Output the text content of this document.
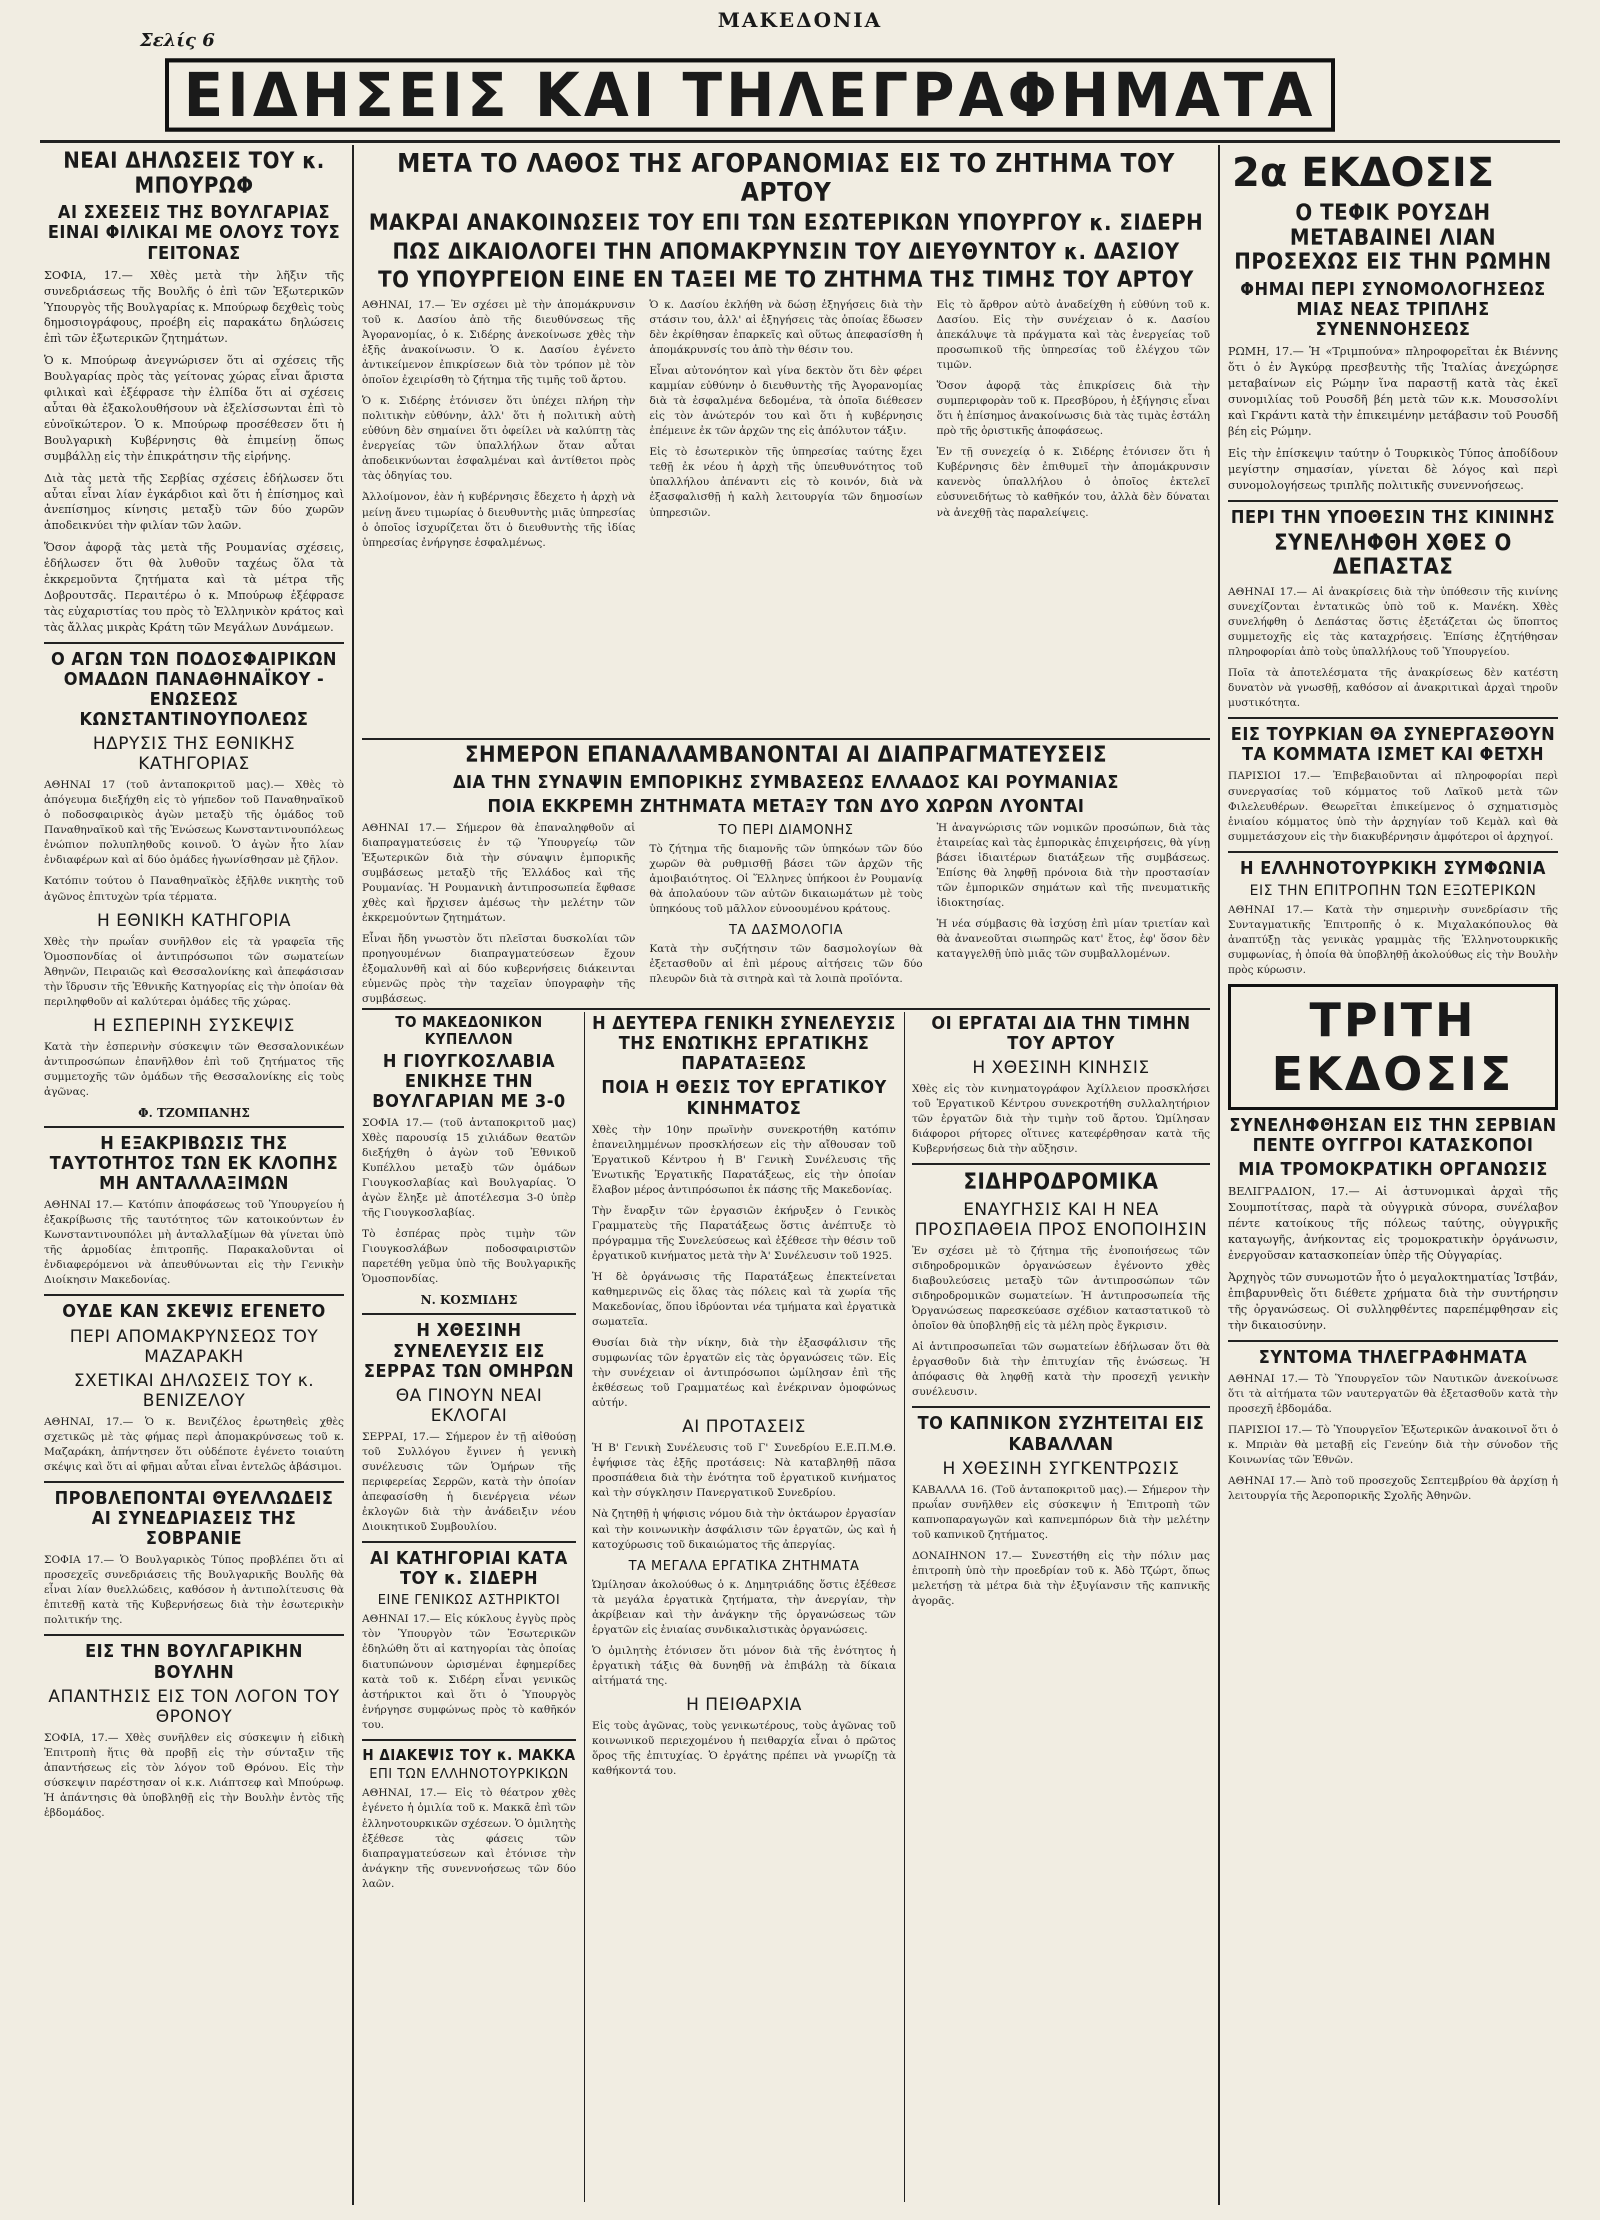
ΜΑΚΕΔΟΝΙΑ
Σελίς 6
ΕΙΔΗΣΕΙΣ ΚΑΙ ΤΗΛΕΓΡΑΦΗΜΑΤΑ
ΝΕΑΙ ΔΗΛΩΣΕΙΣ ΤΟΥ κ. ΜΠΟΥΡΩΦ
ΑΙ ΣΧΕΣΕΙΣ ΤΗΣ ΒΟΥΛΓΑΡΙΑΣ ΕΙΝΑΙ ΦΙΛΙΚΑΙ ΜΕ ΟΛΟΥΣ ΤΟΥΣ ΓΕΙΤΟΝΑΣ

ΣΟΦΙΑ, 17.— Χθὲς μετὰ τὴν λῆξιν τῆς συνεδριάσεως τῆς Βουλῆς ὁ ἐπὶ τῶν Ἐξωτερικῶν Ὑπουργὸς τῆς Βουλγαρίας κ. Μπούρωφ δεχθεὶς τοὺς δημοσιογράφους, προέβη εἰς παρακάτω δηλώσεις ἐπὶ τῶν ἐξωτερικῶν ζητημάτων.

Ὁ κ. Μπούρωφ ἀνεγνώρισεν ὅτι αἱ σχέσεις τῆς Βουλγαρίας πρὸς τὰς γείτονας χώρας εἶναι ἄριστα φιλικαὶ καὶ ἐξέφρασε τὴν ἐλπίδα ὅτι αἱ σχέσεις αὗται θὰ ἐξακολουθήσουν νὰ ἐξελίσσωνται ἐπὶ τὸ εὐνοϊκώτερον. Ὁ κ. Μπούρωφ προσέθεσεν ὅτι ἡ Βουλγαρικὴ Κυβέρνησις θὰ ἐπιμείνῃ ὅπως συμβάλλῃ εἰς τὴν ἐπικράτησιν τῆς εἰρήνης.

Διὰ τὰς μετὰ τῆς Σερβίας σχέσεις ἐδήλωσεν ὅτι αὗται εἶναι λίαν ἐγκάρδιοι καὶ ὅτι ἡ ἐπίσημος καὶ ἀνεπίσημος κίνησις μεταξὺ τῶν δύο χωρῶν ἀποδεικνύει τὴν φιλίαν τῶν λαῶν.

Ὅσον ἀφορᾷ τὰς μετὰ τῆς Ρουμανίας σχέσεις, ἐδήλωσεν ὅτι θὰ λυθοῦν ταχέως ὅλα τὰ ἐκκρεμοῦντα ζητήματα καὶ τὰ μέτρα τῆς Δοβρουτσᾶς. Περαιτέρω ὁ κ. Μπούρωφ ἐξέφρασε τὰς εὐχαριστίας του πρὸς τὸ Ἑλληνικὸν κράτος καὶ τὰς ἄλλας μικρὰς Κράτη τῶν Μεγάλων Δυνάμεων.

Ο ΑΓΩΝ ΤΩΝ ΠΟΔΟΣΦΑΙΡΙΚΩΝ ΟΜΑΔΩΝ ΠΑΝΑΘΗΝΑΪΚΟΥ - ΕΝΩΣΕΩΣ ΚΩΝΣΤΑΝΤΙΝΟΥΠΟΛΕΩΣ
ΗΔΡΥΣΙΣ ΤΗΣ ΕΘΝΙΚΗΣ ΚΑΤΗΓΟΡΙΑΣ

ΑΘΗΝΑΙ 17 (τοῦ ἀνταποκριτοῦ μας).— Χθὲς τὸ ἀπόγευμα διεξήχθη εἰς τὸ γήπεδον τοῦ Παναθηναϊκοῦ ὁ ποδοσφαιρικὸς ἀγὼν μεταξὺ τῆς ὁμάδος τοῦ Παναθηναϊκοῦ καὶ τῆς Ἑνώσεως Κωνσταντινουπόλεως ἐνώπιον πολυπληθοῦς κοινοῦ. Ὁ ἀγὼν ἦτο λίαν ἐνδιαφέρων καὶ αἱ δύο ὁμάδες ἠγωνίσθησαν μὲ ζῆλον.

Κατόπιν τούτου ὁ Παναθηναϊκὸς ἐξῆλθε νικητὴς τοῦ ἀγῶνος ἐπιτυχὼν τρία τέρματα.

Η ΕΘΝΙΚΗ ΚΑΤΗΓΟΡΙΑ

Χθὲς τὴν πρωΐαν συνῆλθον εἰς τὰ γραφεῖα τῆς Ὁμοσπονδίας οἱ ἀντιπρόσωποι τῶν σωματείων Ἀθηνῶν, Πειραιῶς καὶ Θεσσαλονίκης καὶ ἀπεφάσισαν τὴν ἵδρυσιν τῆς Ἐθνικῆς Κατηγορίας εἰς τὴν ὁποίαν θὰ περιληφθοῦν αἱ καλύτεραι ὁμάδες τῆς χώρας.

Η ΕΣΠΕΡΙΝΗ ΣΥΣΚΕΨΙΣ

Κατὰ τὴν ἑσπερινὴν σύσκεψιν τῶν Θεσσαλονικέων ἀντιπροσώπων ἐπανῆλθον ἐπὶ τοῦ ζητήματος τῆς συμμετοχῆς τῶν ὁμάδων τῆς Θεσσαλονίκης εἰς τοὺς ἀγῶνας.

Φ. ΤΖΟΜΠΑΝΗΣ
Η ΕΞΑΚΡΙΒΩΣΙΣ ΤΗΣ ΤΑΥΤΟΤΗΤΟΣ ΤΩΝ ΕΚ ΚΛΟΠΗΣ ΜΗ ΑΝΤΑΛΛΑΞΙΜΩΝ

ΑΘΗΝΑΙ 17.— Κατόπιν ἀποφάσεως τοῦ Ὑπουργείου ἡ ἐξακρίβωσις τῆς ταυτότητος τῶν κατοικούντων ἐν Κωνσταντινουπόλει μὴ ἀνταλλαξίμων θὰ γίνεται ὑπὸ τῆς ἀρμοδίας ἐπιτροπῆς. Παρακαλοῦνται οἱ ἐνδιαφερόμενοι νὰ ἀπευθύνωνται εἰς τὴν Γενικὴν Διοίκησιν Μακεδονίας.

ΟΥΔΕ ΚΑΝ ΣΚΕΨΙΣ ΕΓΕΝΕΤΟ
ΠΕΡΙ ΑΠΟΜΑΚΡΥΝΣΕΩΣ ΤΟΥ ΜΑΖΑΡΑΚΗ
ΣΧΕΤΙΚΑΙ ΔΗΛΩΣΕΙΣ ΤΟΥ κ. ΒΕΝΙΖΕΛΟΥ

ΑΘΗΝΑΙ, 17.— Ὁ κ. Βενιζέλος ἐρωτηθεὶς χθὲς σχετικῶς μὲ τὰς φήμας περὶ ἀπομακρύνσεως τοῦ κ. Μαζαράκη, ἀπήντησεν ὅτι οὐδέποτε ἐγένετο τοιαύτη σκέψις καὶ ὅτι αἱ φῆμαι αὗται εἶναι ἐντελῶς ἀβάσιμοι.

ΠΡΟΒΛΕΠΟΝΤΑΙ ΘΥΕΛΛΩΔΕΙΣ ΑΙ ΣΥΝΕΔΡΙΑΣΕΙΣ ΤΗΣ ΣΟΒΡΑΝΙΕ

ΣΟΦΙΑ 17.— Ὁ Βουλγαρικὸς Τύπος προβλέπει ὅτι αἱ προσεχεῖς συνεδριάσεις τῆς Βουλγαρικῆς Βουλῆς θὰ εἶναι λίαν θυελλώδεις, καθόσον ἡ ἀντιπολίτευσις θὰ ἐπιτεθῇ κατὰ τῆς Κυβερνήσεως διὰ τὴν ἐσωτερικὴν πολιτικήν της.

ΕΙΣ ΤΗΝ ΒΟΥΛΓΑΡΙΚΗΝ ΒΟΥΛΗΝ
ΑΠΑΝΤΗΣΙΣ ΕΙΣ ΤΟΝ ΛΟΓΟΝ ΤΟΥ ΘΡΟΝΟΥ

ΣΟΦΙΑ, 17.— Χθὲς συνῆλθεν εἰς σύσκεψιν ἡ εἰδικὴ Ἐπιτροπὴ ἥτις θὰ προβῇ εἰς τὴν σύνταξιν τῆς ἀπαντήσεως εἰς τὸν λόγον τοῦ Θρόνου. Εἰς τὴν σύσκεψιν παρέστησαν οἱ κ.κ. Λιάπτσεφ καὶ Μπούρωφ. Ἡ ἀπάντησις θὰ ὑποβληθῇ εἰς τὴν Βουλὴν ἐντὸς τῆς ἑβδομάδος.

ΜΕΤΑ ΤΟ ΛΑΘΟΣ ΤΗΣ ΑΓΟΡΑΝΟΜΙΑΣ ΕΙΣ ΤΟ ΖΗΤΗΜΑ ΤΟΥ ΑΡΤΟΥ
ΜΑΚΡΑΙ ΑΝΑΚΟΙΝΩΣΕΙΣ ΤΟΥ ΕΠΙ ΤΩΝ ΕΣΩΤΕΡΙΚΩΝ ΥΠΟΥΡΓΟΥ κ. ΣΙΔΕΡΗ
ΠΩΣ ΔΙΚΑΙΟΛΟΓΕΙ ΤΗΝ ΑΠΟΜΑΚΡΥΝΣΙΝ ΤΟΥ ΔΙΕΥΘΥΝΤΟΥ κ. ΔΑΣΙΟΥ
ΤΟ ΥΠΟΥΡΓΕΙΟΝ ΕΙΝΕ ΕΝ ΤΑΞΕΙ ΜΕ ΤΟ ΖΗΤΗΜΑ ΤΗΣ ΤΙΜΗΣ ΤΟΥ ΑΡΤΟΥ

ΑΘΗΝΑΙ, 17.— Ἐν σχέσει μὲ τὴν ἀπομάκρυνσιν τοῦ κ. Δασίου ἀπὸ τῆς διευθύνσεως τῆς Ἀγορανομίας, ὁ κ. Σιδέρης ἀνεκοίνωσε χθὲς τὴν ἑξῆς ἀνακοίνωσιν. Ὁ κ. Δασίου ἐγένετο ἀντικείμενον ἐπικρίσεων διὰ τὸν τρόπον μὲ τὸν ὁποῖον ἐχειρίσθη τὸ ζήτημα τῆς τιμῆς τοῦ ἄρτου.

Ὁ κ. Σιδέρης ἐτόνισεν ὅτι ὑπέχει πλήρη τὴν πολιτικὴν εὐθύνην, ἀλλ' ὅτι ἡ πολιτικὴ αὐτὴ εὐθύνη δὲν σημαίνει ὅτι ὀφείλει νὰ καλύπτῃ τὰς ἐνεργείας τῶν ὑπαλλήλων ὅταν αὗται ἀποδεικνύωνται ἐσφαλμέναι καὶ ἀντίθετοι πρὸς τὰς ὁδηγίας του.

Ἀλλοίμονον, ἐὰν ἡ κυβέρνησις ἔδεχετο ἡ ἀρχὴ νὰ μείνῃ ἄνευ τιμωρίας ὁ διευθυντὴς μιᾶς ὑπηρεσίας ὁ ὁποῖος ἰσχυρίζεται ὅτι ὁ διευθυντὴς τῆς ἰδίας ὑπηρεσίας ἐνήργησε ἐσφαλμένως.

Ὁ κ. Δασίου ἐκλήθη νὰ δώσῃ ἐξηγήσεις διὰ τὴν στάσιν του, ἀλλ' αἱ ἐξηγήσεις τὰς ὁποίας ἔδωσεν δὲν ἐκρίθησαν ἐπαρκεῖς καὶ οὕτως ἀπεφασίσθη ἡ ἀπομάκρυνσίς του ἀπὸ τὴν θέσιν του.

Εἶναι αὐτονόητον καὶ γίνα δεκτὸν ὅτι δὲν φέρει καμμίαν εὐθύνην ὁ διευθυντὴς τῆς Ἀγορανομίας διὰ τὰ ἐσφαλμένα δεδομένα, τὰ ὁποῖα διέθεσεν εἰς τὸν ἀνώτερόν του καὶ ὅτι ἡ κυβέρνησις ἐπέμεινε ἐκ τῶν ἀρχῶν της εἰς ἀπόλυτον τάξιν.

Εἰς τὸ ἐσωτερικὸν τῆς ὑπηρεσίας ταύτης ἔχει τεθῇ ἐκ νέου ἡ ἀρχὴ τῆς ὑπευθυνότητος τοῦ ὑπαλλήλου ἀπέναντι εἰς τὸ κοινόν, διὰ νὰ ἐξασφαλισθῇ ἡ καλὴ λειτουργία τῶν δημοσίων ὑπηρεσιῶν.

Εἰς τὸ ἄρθρον αὐτὸ ἀναδείχθη ἡ εὐθύνη τοῦ κ. Δασίου. Εἰς τὴν συνέχειαν ὁ κ. Δασίου ἀπεκάλυψε τὰ πράγματα καὶ τὰς ἐνεργείας τοῦ προσωπικοῦ τῆς ὑπηρεσίας τοῦ ἐλέγχου τῶν τιμῶν.

Ὅσον ἀφορᾷ τὰς ἐπικρίσεις διὰ τὴν συμπεριφορὰν τοῦ κ. Πρεσβύρου, ἡ ἐξήγησις εἶναι ὅτι ἡ ἐπίσημος ἀνακοίνωσις διὰ τὰς τιμὰς ἐστάλη πρὸ τῆς ὁριστικῆς ἀποφάσεως.

Ἐν τῇ συνεχείᾳ ὁ κ. Σιδέρης ἐτόνισεν ὅτι ἡ Κυβέρνησις δὲν ἐπιθυμεῖ τὴν ἀπομάκρυνσιν κανενὸς ὑπαλλήλου ὁ ὁποῖος ἐκτελεῖ εὐσυνειδήτως τὸ καθῆκόν του, ἀλλὰ δὲν δύναται νὰ ἀνεχθῇ τὰς παραλείψεις.

ΣΗΜΕΡΟΝ ΕΠΑΝΑΛΑΜΒΑΝΟΝΤΑΙ ΑΙ ΔΙΑΠΡΑΓΜΑΤΕΥΣΕΙΣ
ΔΙΑ ΤΗΝ ΣΥΝΑΨΙΝ ΕΜΠΟΡΙΚΗΣ ΣΥΜΒΑΣΕΩΣ ΕΛΛΑΔΟΣ ΚΑΙ ΡΟΥΜΑΝΙΑΣ
ΠΟΙΑ ΕΚΚΡΕΜΗ ΖΗΤΗΜΑΤΑ ΜΕΤΑΞΥ ΤΩΝ ΔΥΟ ΧΩΡΩΝ ΛΥΟΝΤΑΙ

ΑΘΗΝΑΙ 17.— Σήμερον θὰ ἐπαναληφθοῦν αἱ διαπραγματεύσεις ἐν τῷ Ὑπουργείῳ τῶν Ἐξωτερικῶν διὰ τὴν σύναψιν ἐμπορικῆς συμβάσεως μεταξὺ τῆς Ἑλλάδος καὶ τῆς Ρουμανίας. Ἡ Ρουμανικὴ ἀντιπροσωπεία ἔφθασε χθὲς καὶ ἤρχισεν ἀμέσως τὴν μελέτην τῶν ἐκκρεμούντων ζητημάτων.

Εἶναι ἤδη γνωστὸν ὅτι πλεῖσται δυσκολίαι τῶν προηγουμένων διαπραγματεύσεων ἔχουν ἐξομαλυνθῆ καὶ αἱ δύο κυβερνήσεις διάκεινται εὐμενῶς πρὸς τὴν ταχεῖαν ὑπογραφὴν τῆς συμβάσεως.

ΤΟ ΠΕΡΙ ΔΙΑΜΟΝΗΣ

Τὸ ζήτημα τῆς διαμονῆς τῶν ὑπηκόων τῶν δύο χωρῶν θὰ ρυθμισθῇ βάσει τῶν ἀρχῶν τῆς ἀμοιβαιότητος. Οἱ Ἕλληνες ὑπήκοοι ἐν Ρουμανίᾳ θὰ ἀπολαύουν τῶν αὐτῶν δικαιωμάτων μὲ τοὺς ὑπηκόους τοῦ μᾶλλον εὐνοουμένου κράτους.

ΤΑ ΔΑΣΜΟΛΟΓΙΑ

Κατὰ τὴν συζήτησιν τῶν δασμολογίων θὰ ἐξετασθοῦν αἱ ἐπὶ μέρους αἰτήσεις τῶν δύο πλευρῶν διὰ τὰ σιτηρὰ καὶ τὰ λοιπὰ προϊόντα.

Ἡ ἀναγνώρισις τῶν νομικῶν προσώπων, διὰ τὰς ἑταιρείας καὶ τὰς ἐμπορικὰς ἐπιχειρήσεις, θὰ γίνῃ βάσει ἰδιαιτέρων διατάξεων τῆς συμβάσεως. Ἐπίσης θὰ ληφθῇ πρόνοια διὰ τὴν προστασίαν τῶν ἐμπορικῶν σημάτων καὶ τῆς πνευματικῆς ἰδιοκτησίας.

Ἡ νέα σύμβασις θὰ ἰσχύσῃ ἐπὶ μίαν τριετίαν καὶ θὰ ἀνανεοῦται σιωπηρῶς κατ' ἔτος, ἐφ' ὅσον δὲν καταγγελθῇ ὑπὸ μιᾶς τῶν συμβαλλομένων.

ΤΟ ΜΑΚΕΔΟΝΙΚΟΝ ΚΥΠΕΛΛΟΝ
Η ΓΙΟΥΓΚΟΣΛΑΒΙΑ ΕΝΙΚΗΣΕ ΤΗΝ ΒΟΥΛΓΑΡΙΑΝ ΜΕ 3-0

ΣΟΦΙΑ 17.— (τοῦ ἀνταποκριτοῦ μας) Χθὲς παρουσίᾳ 15 χιλιάδων θεατῶν διεξήχθη ὁ ἀγὼν τοῦ Ἐθνικοῦ Κυπέλλου μεταξὺ τῶν ὁμάδων Γιουγκοσλαβίας καὶ Βουλγαρίας. Ὁ ἀγὼν ἔληξε μὲ ἀποτέλεσμα 3-0 ὑπὲρ τῆς Γιουγκοσλαβίας.

Τὸ ἐσπέρας πρὸς τιμὴν τῶν Γιουγκοσλάβων ποδοσφαιριστῶν παρετέθη γεῦμα ὑπὸ τῆς Βουλγαρικῆς Ὁμοσπονδίας.

Ν. ΚΟΣΜΙΔΗΣ
Η ΧΘΕΣΙΝΗ ΣΥΝΕΛΕΥΣΙΣ ΕΙΣ ΣΕΡΡΑΣ ΤΩΝ ΟΜΗΡΩΝ
ΘΑ ΓΙΝΟΥΝ ΝΕΑΙ ΕΚΛΟΓΑΙ

ΣΕΡΡΑΙ, 17.— Σήμερον ἐν τῇ αἰθούσῃ τοῦ Συλλόγου ἔγινεν ἡ γενικὴ συνέλευσις τῶν Ὁμήρων τῆς περιφερείας Σερρῶν, κατὰ τὴν ὁποίαν ἀπεφασίσθη ἡ διενέργεια νέων ἐκλογῶν διὰ τὴν ἀνάδειξιν νέου Διοικητικοῦ Συμβουλίου.

ΑΙ ΚΑΤΗΓΟΡΙΑΙ ΚΑΤΑ ΤΟΥ κ. ΣΙΔΕΡΗ
ΕΙΝΕ ΓΕΝΙΚΩΣ ΑΣΤΗΡΙΚΤΟΙ

ΑΘΗΝΑΙ 17.— Εἰς κύκλους ἐγγὺς πρὸς τὸν Ὑπουργὸν τῶν Ἐσωτερικῶν ἐδηλώθη ὅτι αἱ κατηγορίαι τὰς ὁποίας διατυπώνουν ὡρισμέναι ἐφημερίδες κατὰ τοῦ κ. Σιδέρη εἶναι γενικῶς ἀστήρικτοι καὶ ὅτι ὁ Ὑπουργὸς ἐνήργησε συμφώνως πρὸς τὸ καθῆκόν του.

Η ΔΙΑΚΕΨΙΣ ΤΟΥ κ. ΜΑΚΚΑ
ΕΠΙ ΤΩΝ ΕΛΛΗΝΟΤΟΥΡΚΙΚΩΝ

ΑΘΗΝΑΙ, 17.— Εἰς τὸ θέατρον χθὲς ἐγένετο ἡ ὁμιλία τοῦ κ. Μακκᾶ ἐπὶ τῶν ἑλληνοτουρκικῶν σχέσεων. Ὁ ὁμιλητὴς ἐξέθεσε τὰς φάσεις τῶν διαπραγματεύσεων καὶ ἐτόνισε τὴν ἀνάγκην τῆς συνεννοήσεως τῶν δύο λαῶν.

Η ΔΕΥΤΕΡΑ ΓΕΝΙΚΗ ΣΥΝΕΛΕΥΣΙΣ ΤΗΣ ΕΝΩΤΙΚΗΣ ΕΡΓΑΤΙΚΗΣ ΠΑΡΑΤΑΞΕΩΣ
ΠΟΙΑ Η ΘΕΣΙΣ ΤΟΥ ΕΡΓΑΤΙΚΟΥ ΚΙΝΗΜΑΤΟΣ

Χθὲς τὴν 10ην πρωϊνὴν συνεκροτήθη κατόπιν ἐπανειλημμένων προσκλήσεων εἰς τὴν αἴθουσαν τοῦ Ἐργατικοῦ Κέντρου ἡ Β' Γενικὴ Συνέλευσις τῆς Ἑνωτικῆς Ἐργατικῆς Παρατάξεως, εἰς τὴν ὁποίαν ἔλαβον μέρος ἀντιπρόσωποι ἐκ πάσης τῆς Μακεδονίας.

Τὴν ἔναρξιν τῶν ἐργασιῶν ἐκήρυξεν ὁ Γενικὸς Γραμματεὺς τῆς Παρατάξεως ὅστις ἀνέπτυξε τὸ πρόγραμμα τῆς Συνελεύσεως καὶ ἐξέθεσε τὴν θέσιν τοῦ ἐργατικοῦ κινήματος μετὰ τὴν Ἀ' Συνέλευσιν τοῦ 1925.

Ἡ δὲ ὀργάνωσις τῆς Παρατάξεως ἐπεκτείνεται καθημερινῶς εἰς ὅλας τὰς πόλεις καὶ τὰ χωρία τῆς Μακεδονίας, ὅπου ἱδρύονται νέα τμήματα καὶ ἐργατικὰ σωματεῖα.

Θυσίαι διὰ τὴν νίκην, διὰ τὴν ἐξασφάλισιν τῆς συμφωνίας τῶν ἐργατῶν εἰς τὰς ὀργανώσεις τῶν. Εἰς τὴν συνέχειαν οἱ ἀντιπρόσωποι ὡμίλησαν ἐπὶ τῆς ἐκθέσεως τοῦ Γραμματέως καὶ ἐνέκριναν ὁμοφώνως αὐτήν.

ΑΙ ΠΡΟΤΑΣΕΙΣ

Ἡ Β' Γενικὴ Συνέλευσις τοῦ Γ' Συνεδρίου Ε.Ε.Π.Μ.Θ. ἐψήφισε τὰς ἑξῆς προτάσεις: Νὰ καταβληθῇ πᾶσα προσπάθεια διὰ τὴν ἑνότητα τοῦ ἐργατικοῦ κινήματος καὶ τὴν σύγκλησιν Πανεργατικοῦ Συνεδρίου.

Νὰ ζητηθῇ ἡ ψήφισις νόμου διὰ τὴν ὀκτάωρον ἐργασίαν καὶ τὴν κοινωνικὴν ἀσφάλισιν τῶν ἐργατῶν, ὡς καὶ ἡ κατοχύρωσις τοῦ δικαιώματος τῆς ἀπεργίας.

ΤΑ ΜΕΓΑΛΑ ΕΡΓΑΤΙΚΑ ΖΗΤΗΜΑΤΑ

Ὡμίλησαν ἀκολούθως ὁ κ. Δημητριάδης ὅστις ἐξέθεσε τὰ μεγάλα ἐργατικὰ ζητήματα, τὴν ἀνεργίαν, τὴν ἀκρίβειαν καὶ τὴν ἀνάγκην τῆς ὀργανώσεως τῶν ἐργατῶν εἰς ἐνιαίας συνδικαλιστικὰς ὀργανώσεις.

Ὁ ὁμιλητὴς ἐτόνισεν ὅτι μόνον διὰ τῆς ἑνότητος ἡ ἐργατικὴ τάξις θὰ δυνηθῇ νὰ ἐπιβάλῃ τὰ δίκαια αἰτήματά της.

Η ΠΕΙΘΑΡΧΙΑ

Εἰς τοὺς ἀγῶνας, τοὺς γενικωτέρους, τοὺς ἀγῶνας τοῦ κοινωνικοῦ περιεχομένου ἡ πειθαρχία εἶναι ὁ πρῶτος ὅρος τῆς ἐπιτυχίας. Ὁ ἐργάτης πρέπει νὰ γνωρίζῃ τὰ καθήκοντά του.

ΟΙ ΕΡΓΑΤΑΙ ΔΙΑ ΤΗΝ ΤΙΜΗΝ ΤΟΥ ΑΡΤΟΥ
Η ΧΘΕΣΙΝΗ ΚΙΝΗΣΙΣ

Χθὲς εἰς τὸν κινηματογράφον Ἀχίλλειον προσκλήσει τοῦ Ἐργατικοῦ Κέντρου συνεκροτήθη συλλαλητήριον τῶν ἐργατῶν διὰ τὴν τιμὴν τοῦ ἄρτου. Ὡμίλησαν διάφοροι ρήτορες οἵτινες κατεφέρθησαν κατὰ τῆς Κυβερνήσεως διὰ τὴν αὔξησιν.

ΣΙΔΗΡΟΔΡΟΜΙΚΑ
ΕΝΑΥΓΗΣΙΣ ΚΑΙ Η ΝΕΑ ΠΡΟΣΠΑΘΕΙΑ ΠΡΟΣ ΕΝΟΠΟΙΗΣΙΝ

Ἐν σχέσει μὲ τὸ ζήτημα τῆς ἑνοποιήσεως τῶν σιδηροδρομικῶν ὀργανώσεων ἐγένοντο χθὲς διαβουλεύσεις μεταξὺ τῶν ἀντιπροσώπων τῶν σιδηροδρομικῶν σωματείων. Ἡ ἀντιπροσωπεία τῆς Ὀργανώσεως παρεσκεύασε σχέδιον καταστατικοῦ τὸ ὁποῖον θὰ ὑποβληθῇ εἰς τὰ μέλη πρὸς ἔγκρισιν.

Αἱ ἀντιπροσωπεῖαι τῶν σωματείων ἐδήλωσαν ὅτι θὰ ἐργασθοῦν διὰ τὴν ἐπιτυχίαν τῆς ἑνώσεως. Ἡ ἀπόφασις θὰ ληφθῇ κατὰ τὴν προσεχῆ γενικὴν συνέλευσιν.

ΤΟ ΚΑΠΝΙΚΟΝ ΣΥΖΗΤΕΙΤΑΙ ΕΙΣ ΚΑΒΑΛΛΑΝ
Η ΧΘΕΣΙΝΗ ΣΥΓΚΕΝΤΡΩΣΙΣ

ΚΑΒΑΛΛΑ 16. (Τοῦ ἀνταποκριτοῦ μας).— Σήμερον τὴν πρωΐαν συνῆλθεν εἰς σύσκεψιν ἡ Ἐπιτροπὴ τῶν καπνοπαραγωγῶν καὶ καπνεμπόρων διὰ τὴν μελέτην τοῦ καπνικοῦ ζητήματος.

ΔΟΝΑΙΗΝΟΝ 17.— Συνεστήθη εἰς τὴν πόλιν μας ἐπιτροπὴ ὑπὸ τὴν προεδρίαν τοῦ κ. Ἀδὸ Τζώρτ, ὅπως μελετήσῃ τὰ μέτρα διὰ τὴν ἐξυγίανσιν τῆς καπνικῆς ἀγορᾶς.

2α ΕΚΔΟΣΙΣ
Ο ΤΕΦΙΚ ΡΟΥΣΔΗ ΜΕΤΑΒΑΙΝΕΙ ΛΙΑΝ ΠΡΟΣΕΧΩΣ ΕΙΣ ΤΗΝ ΡΩΜΗΝ
ΦΗΜΑΙ ΠΕΡΙ ΣΥΝΟΜΟΛΟΓΗΣΕΩΣ ΜΙΑΣ ΝΕΑΣ ΤΡΙΠΛΗΣ ΣΥΝΕΝΝΟΗΣΕΩΣ

ΡΩΜΗ, 17.— Ἡ «Τριμπούνα» πληροφορεῖται ἐκ Βιέννης ὅτι ὁ ἐν Ἀγκύρᾳ πρεσβευτὴς τῆς Ἰταλίας ἀνεχώρησε μεταβαίνων εἰς Ρώμην ἵνα παραστῇ κατὰ τὰς ἐκεῖ συνομιλίας τοῦ Ρουσδῆ βέη μετὰ τῶν κ.κ. Μουσσολίνι καὶ Γκράντι κατὰ τὴν ἐπικειμένην μετάβασιν τοῦ Ρουσδῆ βέη εἰς Ρώμην.

Εἰς τὴν ἐπίσκεψιν ταύτην ὁ Τουρκικὸς Τύπος ἀποδίδουν μεγίστην σημασίαν, γίνεται δὲ λόγος καὶ περὶ συνομολογήσεως τριπλῆς πολιτικῆς συνεννοήσεως.

ΠΕΡΙ ΤΗΝ ΥΠΟΘΕΣΙΝ ΤΗΣ ΚΙΝΙΝΗΣ
ΣΥΝΕΛΗΦΘΗ ΧΘΕΣ Ο ΔΕΠΑΣΤΑΣ

ΑΘΗΝΑΙ 17.— Αἱ ἀνακρίσεις διὰ τὴν ὑπόθεσιν τῆς κινίνης συνεχίζονται ἐντατικῶς ὑπὸ τοῦ κ. Μανέκη. Χθὲς συνελήφθη ὁ Δεπάστας ὅστις ἐξετάζεται ὡς ὕποπτος συμμετοχῆς εἰς τὰς καταχρήσεις. Ἐπίσης ἐζητήθησαν πληροφορίαι ἀπὸ τοὺς ὑπαλλήλους τοῦ Ὑπουργείου.

Ποῖα τὰ ἀποτελέσματα τῆς ἀνακρίσεως δὲν κατέστη δυνατὸν νὰ γνωσθῇ, καθόσον αἱ ἀνακριτικαὶ ἀρχαὶ τηροῦν μυστικότητα.

ΕΙΣ ΤΟΥΡΚΙΑΝ ΘΑ ΣΥΝΕΡΓΑΣΘΟΥΝ ΤΑ ΚΟΜΜΑΤΑ ΙΣΜΕΤ ΚΑΙ ΦΕΤΧΗ

ΠΑΡΙΣΙΟΙ 17.— Ἐπιβεβαιοῦνται αἱ πληροφορίαι περὶ συνεργασίας τοῦ κόμματος τοῦ Λαϊκοῦ μετὰ τῶν Φιλελευθέρων. Θεωρεῖται ἐπικείμενος ὁ σχηματισμὸς ἑνιαίου κόμματος ὑπὸ τὴν ἀρχηγίαν τοῦ Κεμὰλ καὶ θὰ συμμετάσχουν εἰς τὴν διακυβέρνησιν ἀμφότεροι οἱ ἀρχηγοί.

Η ΕΛΛΗΝΟΤΟΥΡΚΙΚΗ ΣΥΜΦΩΝΙΑ
ΕΙΣ ΤΗΝ ΕΠΙΤΡΟΠΗΝ ΤΩΝ ΕΞΩΤΕΡΙΚΩΝ

ΑΘΗΝΑΙ 17.— Κατὰ τὴν σημερινὴν συνεδρίασιν τῆς Συνταγματικῆς Ἐπιτροπῆς ὁ κ. Μιχαλακόπουλος θὰ ἀναπτύξῃ τὰς γενικὰς γραμμὰς τῆς Ἑλληνοτουρκικῆς συμφωνίας, ἡ ὁποία θὰ ὑποβληθῇ ἀκολούθως εἰς τὴν Βουλὴν πρὸς κύρωσιν.

ΤΡΙΤΗ ΕΚΔΟΣΙΣ
ΣΥΝΕΛΗΦΘΗΣΑΝ ΕΙΣ ΤΗΝ ΣΕΡΒΙΑΝ ΠΕΝΤΕ ΟΥΓΓΡΟΙ ΚΑΤΑΣΚΟΠΟΙ
ΜΙΑ ΤΡΟΜΟΚΡΑΤΙΚΗ ΟΡΓΑΝΩΣΙΣ

ΒΕΛΙΓΡΑΔΙΟΝ, 17.— Αἱ ἀστυνομικαὶ ἀρχαὶ τῆς Σουμποτίτσας, παρὰ τὰ οὐγγρικὰ σύνορα, συνέλαβον πέντε κατοίκους τῆς πόλεως ταύτης, οὐγγρικῆς καταγωγῆς, ἀνήκοντας εἰς τρομοκρατικὴν ὀργάνωσιν, ἐνεργοῦσαν κατασκοπείαν ὑπὲρ τῆς Οὐγγαρίας.

Ἀρχηγὸς τῶν συνωμοτῶν ἦτο ὁ μεγαλοκτηματίας Ἰστβάν, ἐπιβαρυνθεὶς ὅτι διέθετε χρήματα διὰ τὴν συντήρησιν τῆς ὀργανώσεως. Οἱ συλληφθέντες παρεπέμφθησαν εἰς τὴν δικαιοσύνην.

ΣΥΝΤΟΜΑ ΤΗΛΕΓΡΑΦΗΜΑΤΑ

ΑΘΗΝΑΙ 17.— Τὸ Ὑπουργεῖον τῶν Ναυτικῶν ἀνεκοίνωσε ὅτι τὰ αἰτήματα τῶν ναυτεργατῶν θὰ ἐξετασθοῦν κατὰ τὴν προσεχῆ ἑβδομάδα.

ΠΑΡΙΣΙΟΙ 17.— Τὸ Ὑπουργεῖον Ἐξωτερικῶν ἀνακοινοῖ ὅτι ὁ κ. Μπριὰν θὰ μεταβῇ εἰς Γενεύην διὰ τὴν σύνοδον τῆς Κοινωνίας τῶν Ἐθνῶν.

ΑΘΗΝΑΙ 17.— Ἀπὸ τοῦ προσεχοῦς Σεπτεμβρίου θὰ ἀρχίσῃ ἡ λειτουργία τῆς Ἀεροπορικῆς Σχολῆς Ἀθηνῶν.
